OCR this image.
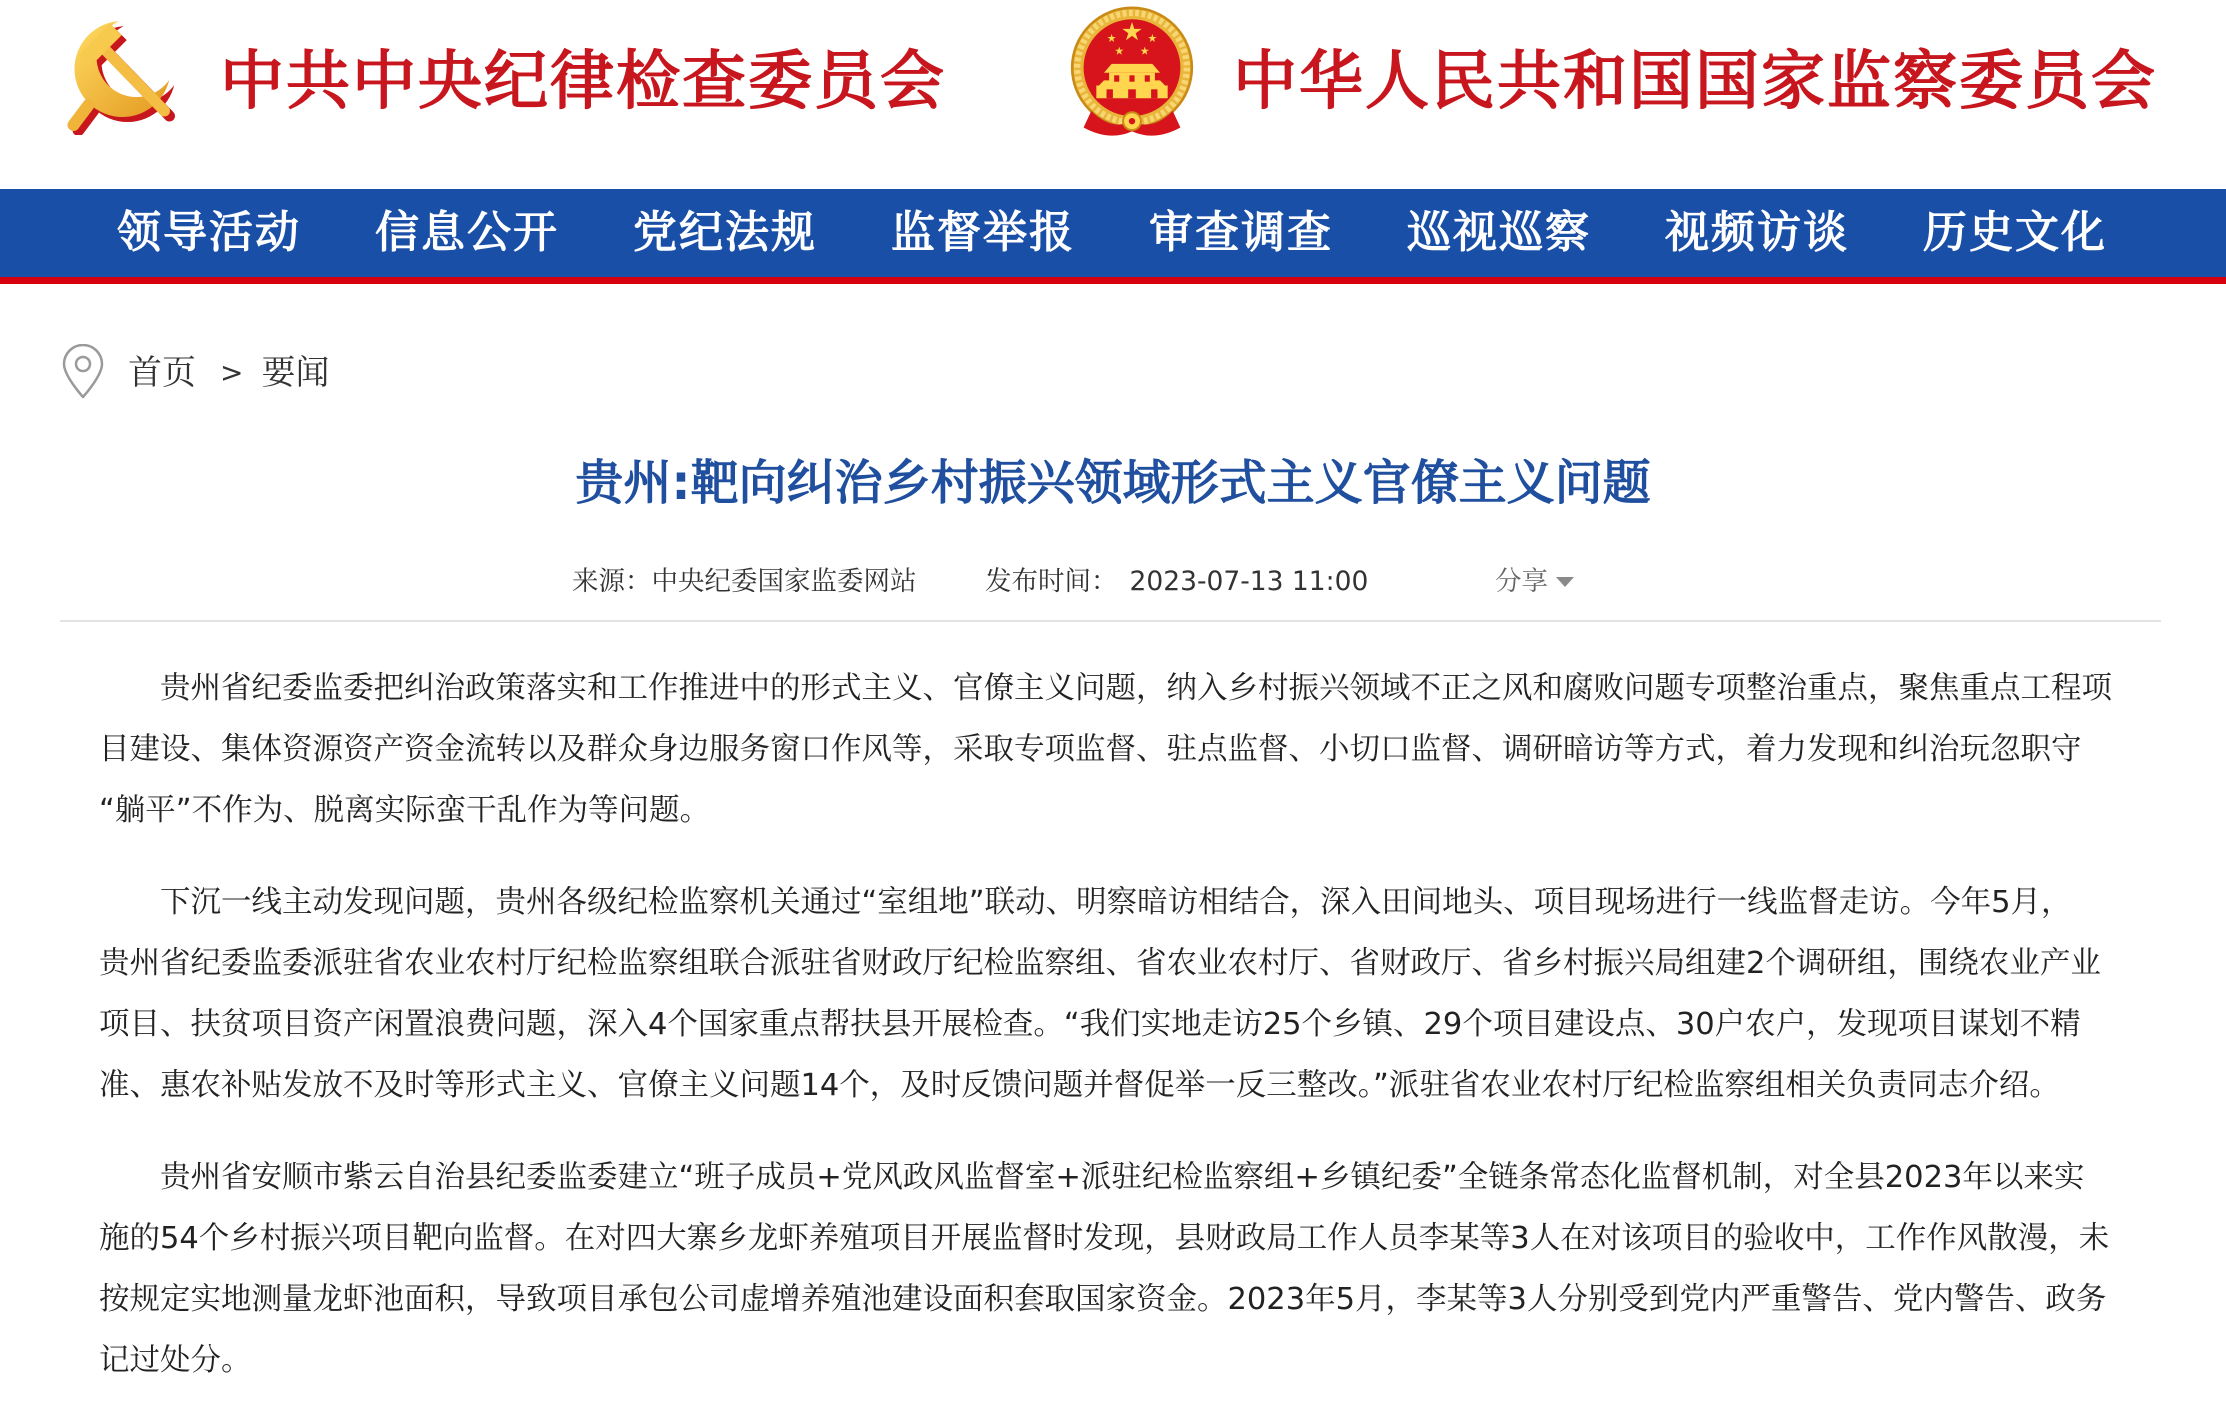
中共中央纪律检查委员会	中华人民共和国国家监察委员会
领导活动	信息公开	党纪法规	监督举报	审查调查	巡视巡察	视频访谈	历史文化
首页 > 要闻
贵州:靶向纠治乡村振兴领域形式主义官僚主义问题
来源：中央纪委国家监委网站	发布时间： 2023-07-13 11:00	分享
贵州省纪委监委把纠治政策落实和工作推进中的形式主义、官僚主义问题，纳入乡村振兴领域不正之风和腐败问题专项整治重点，聚焦重点工程项
目建设、集体资源资产资金流转以及群众身边服务窗口作风等，采取专项监督、驻点监督、小切口监督、调研暗访等方式，着力发现和纠治玩忽职守
“躺平”不作为、脱离实际蛮干乱作为等问题。
下沉一线主动发现问题，贵州各级纪检监察机关通过“室组地”联动、明察暗访相结合，深入田间地头、项目现场进行一线监督走访。今年5月，
贵州省纪委监委派驻省农业农村厅纪检监察组联合派驻省财政厅纪检监察组、省农业农村厅、省财政厅、省乡村振兴局组建2个调研组，围绕农业产业
项目、扶贫项目资产闲置浪费问题，深入4个国家重点帮扶县开展检查。“我们实地走访25个乡镇、29个项目建设点、30户农户，发现项目谋划不精
准、惠农补贴发放不及时等形式主义、官僚主义问题14个，及时反馈问题并督促举一反三整改。”派驻省农业农村厅纪检监察组相关负责同志介绍。
贵州省安顺市紫云自治县纪委监委建立“班子成员+党风政风监督室+派驻纪检监察组+乡镇纪委”全链条常态化监督机制，对全县2023年以来实
施的54个乡村振兴项目靶向监督。在对四大寨乡龙虾养殖项目开展监督时发现，县财政局工作人员李某等3人在对该项目的验收中，工作作风散漫，未
按规定实地测量龙虾池面积，导致项目承包公司虚增养殖池建设面积套取国家资金。2023年5月，李某等3人分别受到党内严重警告、党内警告、政务
记过处分。
